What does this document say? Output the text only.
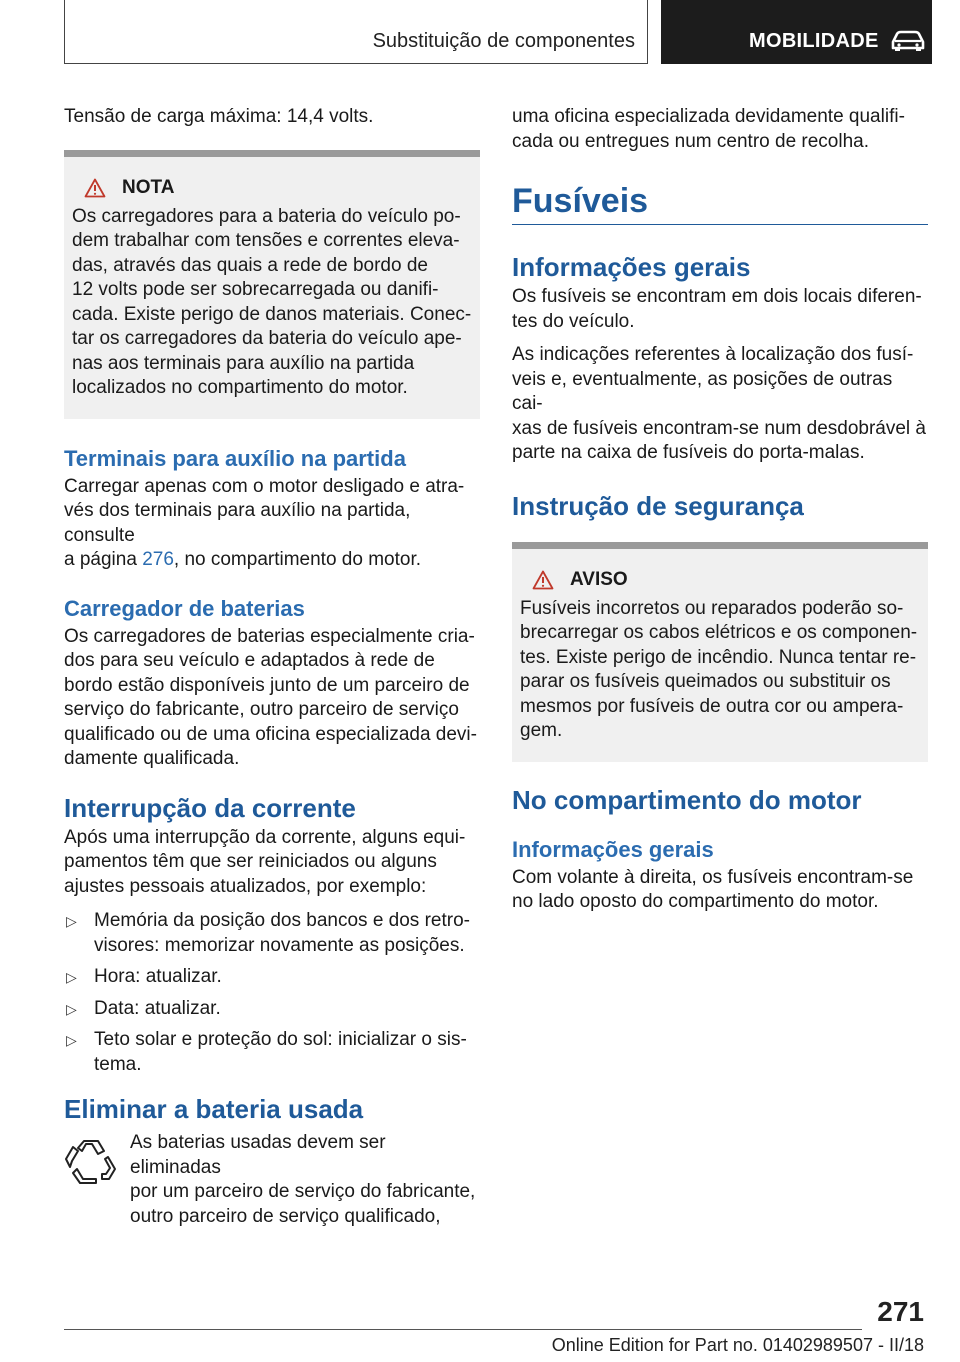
Substituição de componentes	MOBILIDADE

Tensão de carga máxima: 14,4 volts.

NOTA

Os carregadores para a bateria do veículo po-

dem trabalhar com tensões e correntes eleva-

das, através das quais a rede de bordo de

12 volts pode ser sobrecarregada ou danifi-

cada. Existe perigo de danos materiais. Conec-

tar os carregadores da bateria do veículo ape-

nas aos terminais para auxílio na partida

localizados no compartimento do motor.

Terminais para auxílio na partida

Carregar apenas com o motor desligado e atra-

vés dos terminais para auxílio na partida, consulte

a página 276, no compartimento do motor.

Carregador de baterias

Os carregadores de baterias especialmente cria-

dos para seu veículo e adaptados à rede de

bordo estão disponíveis junto de um parceiro de

serviço do fabricante, outro parceiro de serviço

qualificado ou de uma oficina especializada devi-

damente qualificada.

Interrupção da corrente

Após uma interrupção da corrente, alguns equi-

pamentos têm que ser reiniciados ou alguns

ajustes pessoais atualizados, por exemplo:

▷ Memória da posição dos bancos e dos retro-
visores: memorizar novamente as posições.
▷ Hora: atualizar.
▷ Data: atualizar.
▷ Teto solar e proteção do sol: inicializar o sis-
tema.
Eliminar a bateria usada

As baterias usadas devem ser eliminadas

por um parceiro de serviço do fabricante,

outro parceiro de serviço qualificado,

uma oficina especializada devidamente qualifi-

cada ou entregues num centro de recolha.

Fusíveis
Informações gerais

Os fusíveis se encontram em dois locais diferen-

tes do veículo.

As indicações referentes à localização dos fusí-

veis e, eventualmente, as posições de outras cai-

xas de fusíveis encontram-se num desdobrável à

parte na caixa de fusíveis do porta-malas.

Instrução de segurança
AVISO

Fusíveis incorretos ou reparados poderão so-

brecarregar os cabos elétricos e os componen-

tes. Existe perigo de incêndio. Nunca tentar re-

parar os fusíveis queimados ou substituir os

mesmos por fusíveis de outra cor ou ampera-

gem.

No compartimento do motor
Informações gerais

Com volante à direita, os fusíveis encontram-se

no lado oposto do compartimento do motor.

271
Online Edition for Part no. 01402989507 - II/18
